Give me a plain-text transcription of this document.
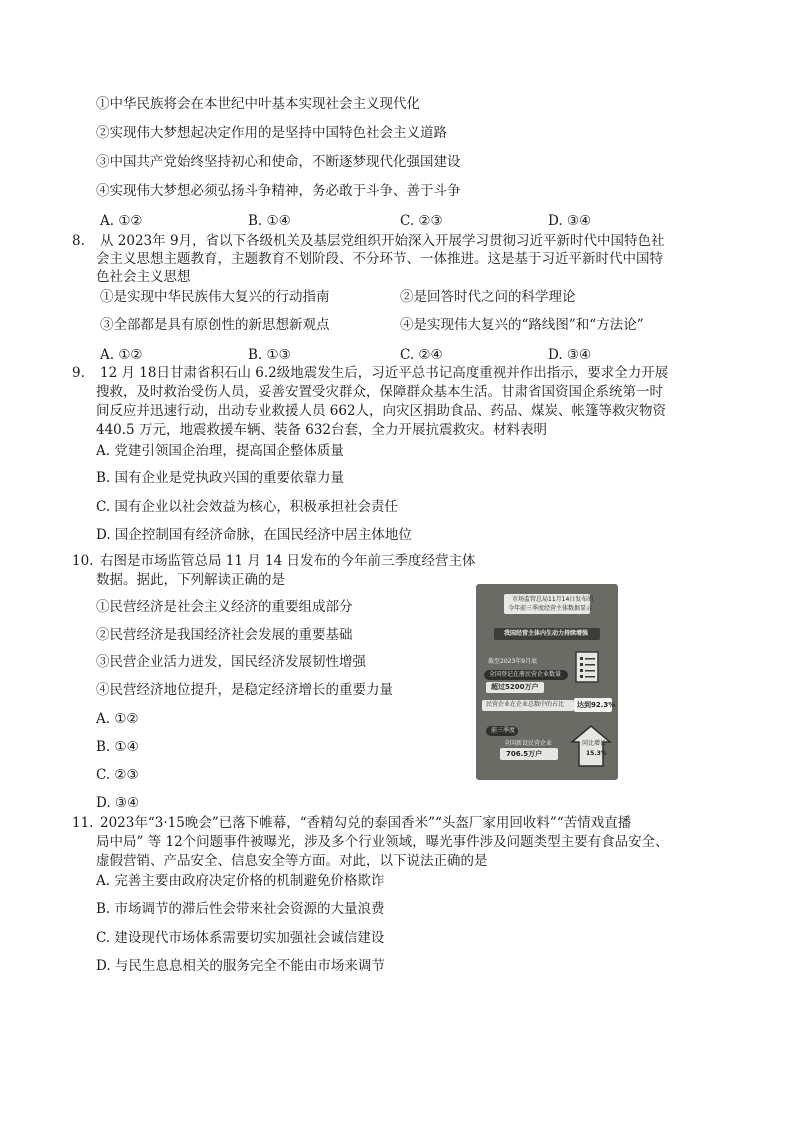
①中华民族将会在本世纪中叶基本实现社会主义现代化
②实现伟大梦想起决定作用的是坚持中国特色社会主义道路
③中国共产党始终坚持初心和使命，不断逐梦现代化强国建设
④实现伟大梦想必须弘扬斗争精神，务必敢于斗争、善于斗争
A. ①②	B. ①④	C. ②③	D. ③④
8. 从 2023年 9月，省以下各级机关及基层党组织开始深入开展学习贯彻习近平新时代中国特色社
会主义思想主题教育，主题教育不划阶段、不分环节、一体推进。这是基于习近平新时代中国特
色社会主义思想
①是实现中华民族伟大复兴的行动指南	②是回答时代之问的科学理论
③全部都是具有原创性的新思想新观点	④是实现伟大复兴的“路线图”和“方法论”
A. ①②	B. ①③	C. ②④	D. ③④
9. 12 月 18日甘肃省积石山 6.2级地震发生后，习近平总书记高度重视并作出指示，要求全力开展
搜救，及时救治受伤人员，妥善安置受灾群众，保障群众基本生活。甘肃省国资国企系统第一时
间反应并迅速行动，出动专业救援人员 662人，向灾区捐助食品、药品、煤炭、帐篷等救灾物资
440.5 万元，地震救援车辆、装备 632台套，全力开展抗震救灾。材料表明
A. 党建引领国企治理，提高国企整体质量
B. 国有企业是党执政兴国的重要依靠力量
C. 国有企业以社会效益为核心，积极承担社会责任
D. 国企控制国有经济命脉，在国民经济中居主体地位
10. 右图是市场监管总局 11 月 14 日发布的今年前三季度经营主体
数据。据此，下列解读正确的是
①民营经济是社会主义经济的重要组成部分
②民营经济是我国经济社会发展的重要基础
③民营企业活力迸发，国民经济发展韧性增强
④民营经济地位提升，是稳定经济增长的重要力量
A. ①②
B. ①④
C. ②③
D. ③④
市场监管总局11月14日发布的
今年前三季度经营主体数据显示
我国经营主体内生动力持续增强
截至2023年9月底
全国登记在册民营企业数量
超过5200万户
民营企业在企业总数中的占比 达到92.3%
前三季度
全国新设民营企业
706.5万户
同比增长
15.3%
11. 2023年“3·15晚会”已落下帷幕，“香精勾兑的泰国香米”“头盔厂家用回收料”“苦情戏直播
局中局” 等 12个问题事件被曝光，涉及多个行业领域，曝光事件涉及问题类型主要有食品安全、
虚假营销、产品安全、信息安全等方面。对此，以下说法正确的是
A. 完善主要由政府决定价格的机制避免价格欺诈
B. 市场调节的滞后性会带来社会资源的大量浪费
C. 建设现代市场体系需要切实加强社会诚信建设
D. 与民生息息相关的服务完全不能由市场来调节
